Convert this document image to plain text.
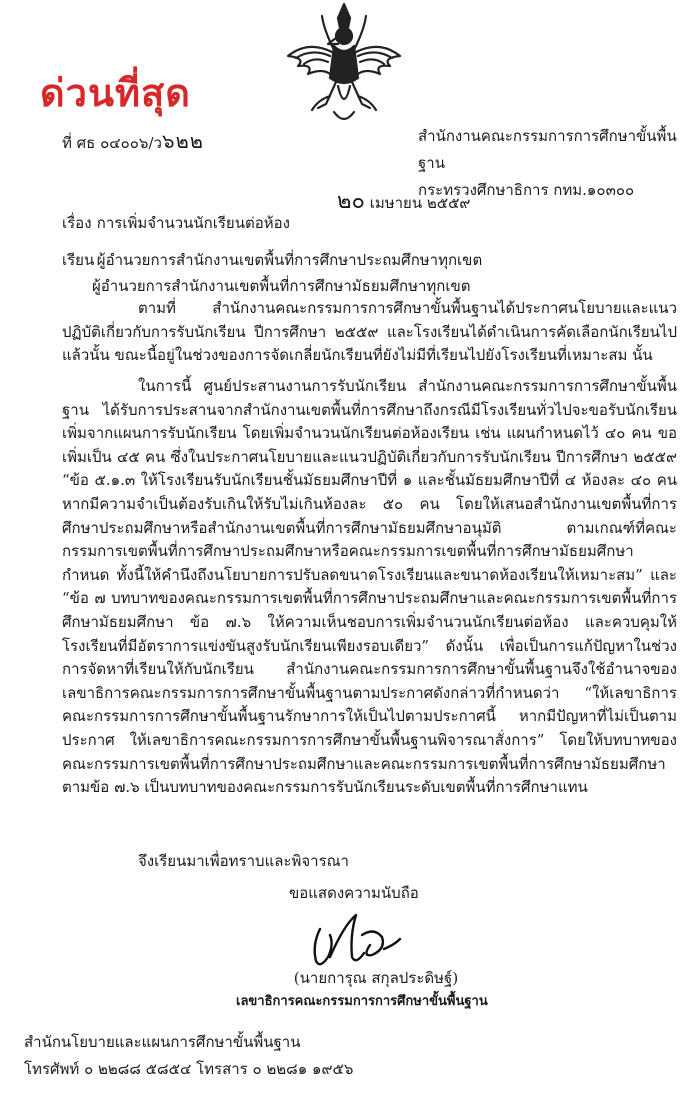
ด่วนที่สุด
ที่ ศธ ๐๔๐๐๖/ว๖๒๒	สำนักงานคณะกรรมการการศึกษาขั้นพื้นฐาน
กระทรวงศึกษาธิการ กทม.๑๐๓๐๐
๒๐ เมษายน ๒๕๕๙
เรื่อง การเพิ่มจำนวนนักเรียนต่อห้อง
เรียน ผู้อำนวยการสำนักงานเขตพื้นที่การศึกษาประถมศึกษาทุกเขต
ผู้อำนวยการสำนักงานเขตพื้นที่การศึกษามัธยมศึกษาทุกเขต
ตามที่ สำนักงานคณะกรรมการการศึกษาขั้นพื้นฐานได้ประกาศนโยบายและแนวปฏิบัติเกี่ยวกับการรับนักเรียน ปีการศึกษา ๒๕๕๙ และโรงเรียนได้ดำเนินการคัดเลือกนักเรียนไปแล้วนั้น ขณะนี้อยู่ในช่วงของการจัดเกลี่ยนักเรียนที่ยังไม่มีที่เรียนไปยังโรงเรียนที่เหมาะสม นั้น
ในการนี้ ศูนย์ประสานงานการรับนักเรียน สำนักงานคณะกรรมการการศึกษาขั้นพื้นฐาน ได้รับการประสานจากสำนักงานเขตพื้นที่การศึกษาถึงกรณีมีโรงเรียนทั่วไปจะขอรับนักเรียนเพิ่มจากแผนการรับนักเรียน โดยเพิ่มจำนวนนักเรียนต่อห้องเรียน เช่น แผนกำหนดไว้ ๔๐ คน ขอเพิ่มเป็น ๔๕ คน ซึ่งในประกาศนโยบายและแนวปฏิบัติเกี่ยวกับการรับนักเรียน ปีการศึกษา ๒๕๕๙ “ข้อ ๕.๑.๓ ให้โรงเรียนรับนักเรียนชั้นมัธยมศึกษาปีที่ ๑ และชั้นมัธยมศึกษาปีที่ ๔ ห้องละ ๔๐ คน หากมีความจำเป็นต้องรับเกินให้รับไม่เกินห้องละ ๕๐ คน โดยให้เสนอสำนักงานเขตพื้นที่การศึกษาประถมศึกษาหรือสำนักงานเขตพื้นที่การศึกษามัธยมศึกษาอนุมัติ ตามเกณฑ์ที่คณะกรรมการเขตพื้นที่การศึกษาประถมศึกษาหรือคณะกรรมการเขตพื้นที่การศึกษามัธยมศึกษากำหนด ทั้งนี้ให้คำนึงถึงนโยบายการปรับลดขนาดโรงเรียนและขนาดห้องเรียนให้เหมาะสม” และ “ข้อ ๗ บทบาทของคณะกรรมการเขตพื้นที่การศึกษาประถมศึกษาและคณะกรรมการเขตพื้นที่การศึกษามัธยมศึกษา ข้อ ๗.๖ ให้ความเห็นชอบการเพิ่มจำนวนนักเรียนต่อห้อง และควบคุมให้โรงเรียนที่มีอัตราการแข่งขันสูงรับนักเรียนเพียงรอบเดียว” ดังนั้น เพื่อเป็นการแก้ปัญหาในช่วงการจัดหาที่เรียนให้กับนักเรียน สำนักงานคณะกรรมการการศึกษาขั้นพื้นฐานจึงใช้อำนาจของเลขาธิการคณะกรรมการการศึกษาขั้นพื้นฐานตามประกาศดังกล่าวที่กำหนดว่า “ให้เลขาธิการคณะกรรมการการศึกษาขั้นพื้นฐานรักษาการให้เป็นไปตามประกาศนี้ หากมีปัญหาที่ไม่เป็นตามประกาศ ให้เลขาธิการคณะกรรมการการศึกษาขั้นพื้นฐานพิจารณาสั่งการ” โดยให้บทบาทของคณะกรรมการเขตพื้นที่การศึกษาประถมศึกษาและคณะกรรมการเขตพื้นที่การศึกษามัธยมศึกษา ตามข้อ ๗.๖ เป็นบทบาทของคณะกรรมการรับนักเรียนระดับเขตพื้นที่การศึกษาแทน
จึงเรียนมาเพื่อทราบและพิจารณา
ขอแสดงความนับถือ
(นายการุณ สกุลประดิษฐ์)
เลขาธิการคณะกรรมการการศึกษาขั้นพื้นฐาน
สำนักนโยบายและแผนการศึกษาขั้นพื้นฐาน
โทรศัพท์ ๐ ๒๒๘๘ ๕๘๕๔ โทรสาร ๐ ๒๒๘๑ ๑๙๕๖
